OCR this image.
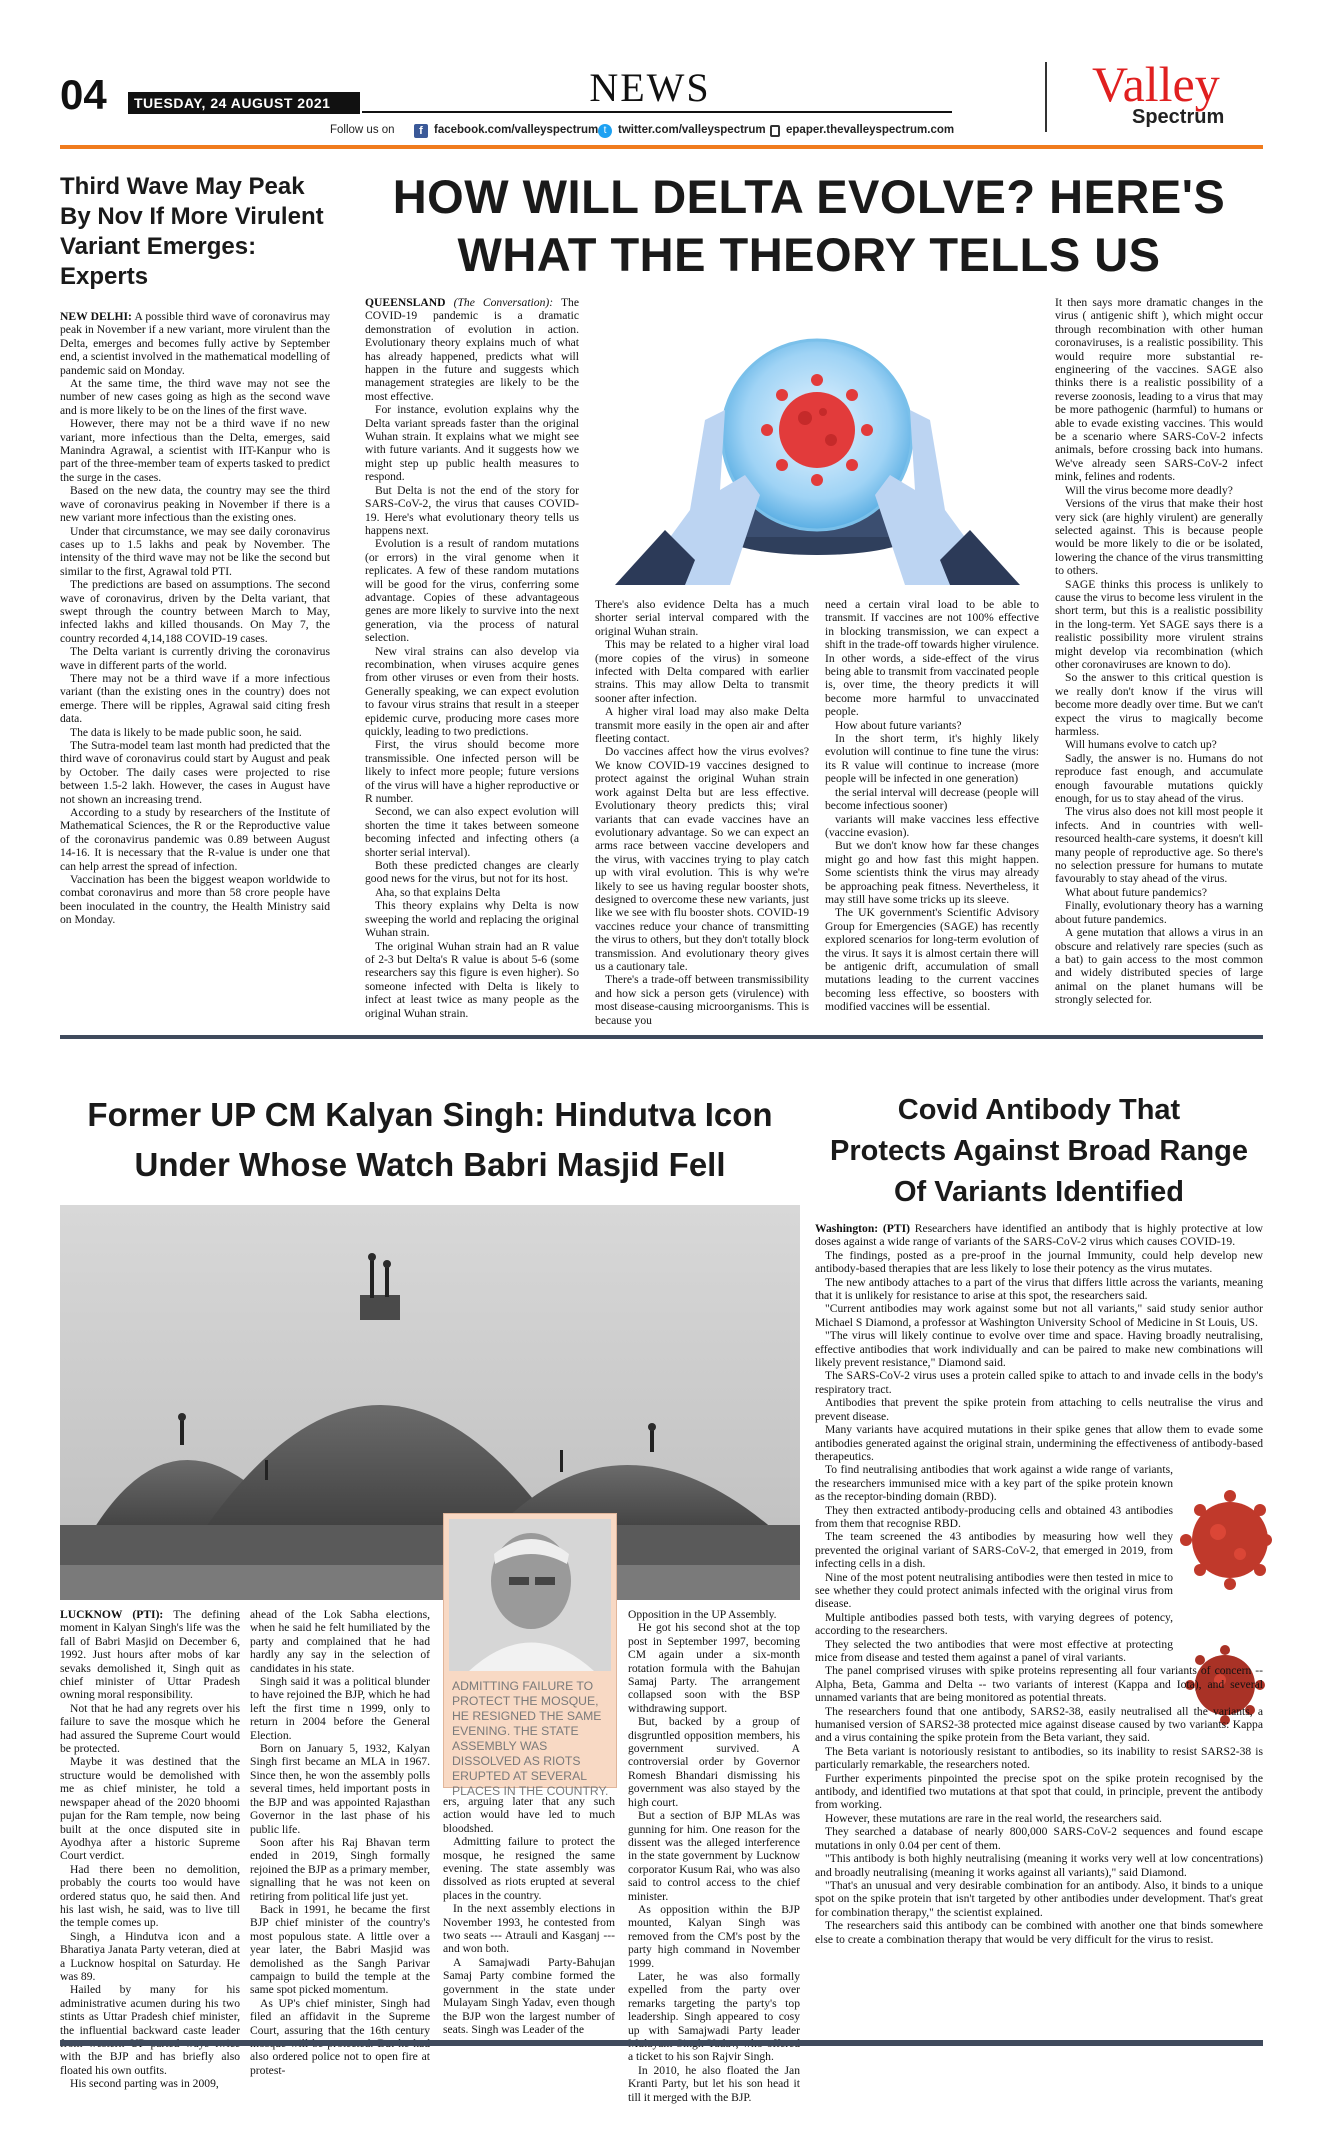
04 TUESDAY, 24 AUGUST 2021	NEWS	Valley
Spectrum
Follow us on	f facebook.com/valleyspectrum t	twitter.com/valleyspectrum epaper.thevalleyspectrum.com
Third Wave May Peak By Nov If More Virulent Variant Emerges: Experts

NEW DELHI: A possible third wave of coronavirus may peak in November if a new variant, more virulent than the Delta, emerges and becomes fully active by September end, a scientist involved in the mathematical modelling of pandemic said on Monday.

At the same time, the third wave may not see the number of new cases going as high as the second wave and is more likely to be on the lines of the first wave.

However, there may not be a third wave if no new variant, more infectious than the Delta, emerges, said Manindra Agrawal, a scientist with IIT-Kanpur who is part of the three-member team of experts tasked to predict the surge in the cases.

Based on the new data, the country may see the third wave of coronavirus peaking in November if there is a new variant more infectious than the existing ones.

Under that circumstance, we may see daily coronavirus cases up to 1.5 lakhs and peak by November. The intensity of the third wave may not be like the second but similar to the first, Agrawal told PTI.

The predictions are based on assumptions. The second wave of coronavirus, driven by the Delta variant, that swept through the country between March to May, infected lakhs and killed thousands. On May 7, the country recorded 4,14,188 COVID-19 cases.

The Delta variant is currently driving the coronavirus wave in different parts of the world.

There may not be a third wave if a more infectious variant (than the existing ones in the country) does not emerge. There will be ripples, Agrawal said citing fresh data.

The data is likely to be made public soon, he said.

The Sutra-model team last month had predicted that the third wave of coronavirus could start by August and peak by October. The daily cases were projected to rise between 1.5-2 lakh. However, the cases in August have not shown an increasing trend.

According to a study by researchers of the Institute of Mathematical Sciences, the R or the Reproductive value of the coronavirus pandemic was 0.89 between August 14-16. It is necessary that the R-value is under one that can help arrest the spread of infection.

Vaccination has been the biggest weapon worldwide to combat coronavirus and more than 58 crore people have been inoculated in the country, the Health Ministry said on Monday.

HOW WILL DELTA EVOLVE? HERE'S
WHAT THE THEORY TELLS US

QUEENSLAND (The Conversation): The COVID-19 pandemic is a dramatic demonstration of evolution in action. Evolutionary theory explains much of what has already happened, predicts what will happen in the future and suggests which management strategies are likely to be the most effective.

For instance, evolution explains why the Delta variant spreads faster than the original Wuhan strain. It explains what we might see with future variants. And it suggests how we might step up public health measures to respond.

But Delta is not the end of the story for SARS-CoV-2, the virus that causes COVID-19. Here's what evolutionary theory tells us happens next.

Evolution is a result of random mutations (or errors) in the viral genome when it replicates. A few of these random mutations will be good for the virus, conferring some advantage. Copies of these advantageous genes are more likely to survive into the next generation, via the process of natural selection.

New viral strains can also develop via recombination, when viruses acquire genes from other viruses or even from their hosts. Generally speaking, we can expect evolution to favour virus strains that result in a steeper epidemic curve, producing more cases more quickly, leading to two predictions.

First, the virus should become more transmissible. One infected person will be likely to infect more people; future versions of the virus will have a higher reproductive or R number.

Second, we can also expect evolution will shorten the time it takes between someone becoming infected and infecting others (a shorter serial interval).

Both these predicted changes are clearly good news for the virus, but not for its host.

Aha, so that explains Delta

This theory explains why Delta is now sweeping the world and replacing the original Wuhan strain.

The original Wuhan strain had an R value of 2-3 but Delta's R value is about 5-6 (some researchers say this figure is even higher). So someone infected with Delta is likely to infect at least twice as many people as the original Wuhan strain.

There's also evidence Delta has a much shorter serial interval compared with the original Wuhan strain.

This may be related to a higher viral load (more copies of the virus) in someone infected with Delta compared with earlier strains. This may allow Delta to transmit sooner after infection.

A higher viral load may also make Delta transmit more easily in the open air and after fleeting contact.

Do vaccines affect how the virus evolves? We know COVID-19 vaccines designed to protect against the original Wuhan strain work against Delta but are less effective. Evolutionary theory predicts this; viral variants that can evade vaccines have an evolutionary advantage. So we can expect an arms race between vaccine developers and the virus, with vaccines trying to play catch up with viral evolution. This is why we're likely to see us having regular booster shots, designed to overcome these new variants, just like we see with flu booster shots. COVID-19 vaccines reduce your chance of transmitting the virus to others, but they don't totally block transmission. And evolutionary theory gives us a cautionary tale.

There's a trade-off between transmissibility and how sick a person gets (virulence) with most disease-causing microorganisms. This is because you

need a certain viral load to be able to transmit. If vaccines are not 100% effective in blocking transmission, we can expect a shift in the trade-off towards higher virulence. In other words, a side-effect of the virus being able to transmit from vaccinated people is, over time, the theory predicts it will become more harmful to unvaccinated people.

How about future variants?

In the short term, it's highly likely evolution will continue to fine tune the virus: its R value will continue to increase (more people will be infected in one generation)

the serial interval will decrease (people will become infectious sooner)

variants will make vaccines less effective (vaccine evasion).

But we don't know how far these changes might go and how fast this might happen. Some scientists think the virus may already be approaching peak fitness. Nevertheless, it may still have some tricks up its sleeve.

The UK government's Scientific Advisory Group for Emergencies (SAGE) has recently explored scenarios for long-term evolution of the virus. It says it is almost certain there will be antigenic drift, accumulation of small mutations leading to the current vaccines becoming less effective, so boosters with modified vaccines will be essential.

It then says more dramatic changes in the virus ( antigenic shift ), which might occur through recombination with other human coronaviruses, is a realistic possibility. This would require more substantial re-engineering of the vaccines. SAGE also thinks there is a realistic possibility of a reverse zoonosis, leading to a virus that may be more pathogenic (harmful) to humans or able to evade existing vaccines. This would be a scenario where SARS-CoV-2 infects animals, before crossing back into humans. We've already seen SARS-CoV-2 infect mink, felines and rodents.

Will the virus become more deadly?

Versions of the virus that make their host very sick (are highly virulent) are generally selected against. This is because people would be more likely to die or be isolated, lowering the chance of the virus transmitting to others.

SAGE thinks this process is unlikely to cause the virus to become less virulent in the short term, but this is a realistic possibility in the long-term. Yet SAGE says there is a realistic possibility more virulent strains might develop via recombination (which other coronaviruses are known to do).

So the answer to this critical question is we really don't know if the virus will become more deadly over time. But we can't expect the virus to magically become harmless.

Will humans evolve to catch up?

Sadly, the answer is no. Humans do not reproduce fast enough, and accumulate enough favourable mutations quickly enough, for us to stay ahead of the virus.

The virus also does not kill most people it infects. And in countries with well-resourced health-care systems, it doesn't kill many people of reproductive age. So there's no selection pressure for humans to mutate favourably to stay ahead of the virus.

What about future pandemics?

Finally, evolutionary theory has a warning about future pandemics.

A gene mutation that allows a virus in an obscure and relatively rare species (such as a bat) to gain access to the most common and widely distributed species of large animal on the planet humans will be strongly selected for.

Former UP CM Kalyan Singh: Hindutva Icon
Under Whose Watch Babri Masjid Fell
ADMITTING FAILURE TO PROTECT THE MOSQUE, HE RESIGNED THE SAME EVENING. THE STATE ASSEMBLY WAS DISSOLVED AS RIOTS ERUPTED AT SEVERAL PLACES IN THE COUNTRY.

LUCKNOW (PTI): The defining moment in Kalyan Singh's life was the fall of Babri Masjid on December 6, 1992. Just hours after mobs of kar sevaks demolished it, Singh quit as chief minister of Uttar Pradesh owning moral responsibility.

Not that he had any regrets over his failure to save the mosque which he had assured the Supreme Court would be protected.

Maybe it was destined that the structure would be demolished with me as chief minister, he told a newspaper ahead of the 2020 bhoomi pujan for the Ram temple, now being built at the once disputed site in Ayodhya after a historic Supreme Court verdict.

Had there been no demolition, probably the courts too would have ordered status quo, he said then. And his last wish, he said, was to live till the temple comes up.

Singh, a Hindutva icon and a Bharatiya Janata Party veteran, died at a Lucknow hospital on Saturday. He was 89.

Hailed by many for his administrative acumen during his two stints as Uttar Pradesh chief minister, the influential backward caste leader with the BJP and has briefly also floated his own outfits.

His second parting was in 2009,

ahead of the Lok Sabha elections, when he said he felt humiliated by the party and complained that he had hardly any say in the selection of candidates in his state.

Singh said it was a political blunder to have rejoined the BJP, which he had left the first time n 1999, only to return in 2004 before the General Election.

Born on January 5, 1932, Kalyan Singh first became an MLA in 1967. Since then, he won the assembly polls several times, held important posts in the BJP and was appointed Rajasthan Governor in the last phase of his public life.

Soon after his Raj Bhavan term ended in 2019, Singh formally rejoined the BJP as a primary member, signalling that he was not keen on retiring from political life just yet.

Back in 1991, he became the first BJP chief minister of the country's most populous state. A little over a year later, the Babri Masjid was demolished as the Sangh Parivar campaign to build the temple at the same spot picked momentum.

As UP's chief minister, Singh had filed an affidavit in the Supreme Court, assuring that the 16th century also ordered police not to open fire at protest-

ers, arguing later that any such action would have led to much bloodshed.

Admitting failure to protect the mosque, he resigned the same evening. The state assembly was dissolved as riots erupted at several places in the country.

In the next assembly elections in November 1993, he contested from two seats --- Atrauli and Kasganj --- and won both.

A Samajwadi Party-Bahujan Samaj Party combine formed the government in the state under Mulayam Singh Yadav, even though the BJP won the largest number of seats. Singh was Leader of the

Opposition in the UP Assembly.

He got his second shot at the top post in September 1997, becoming CM again under a six-month rotation formula with the Bahujan Samaj Party. The arrangement collapsed soon with the BSP withdrawing support.

But, backed by a group of disgruntled opposition members, his government survived. A controversial order by Governor Romesh Bhandari dismissing his government was also stayed by the high court.

But a section of BJP MLAs was gunning for him. One reason for the dissent was the alleged interference in the state government by Lucknow corporator Kusum Rai, who was also said to control access to the chief minister.

As opposition within the BJP mounted, Kalyan Singh was removed from the CM's post by the party high command in November 1999.

Later, he was also formally expelled from the party over remarks targeting the party's top leadership. Singh appeared to cosy up with Samajwadi Party leader a ticket to his son Rajvir Singh.

In 2010, he also floated the Jan Kranti Party, but let his son head it till it merged with the BJP.

Covid Antibody That
Protects Against Broad Range
Of Variants Identified

Washington: (PTI) Researchers have identified an antibody that is highly protective at low doses against a wide range of variants of the SARS-CoV-2 virus which causes COVID-19.

The findings, posted as a pre-proof in the journal Immunity, could help develop new antibody-based therapies that are less likely to lose their potency as the virus mutates.

The new antibody attaches to a part of the virus that differs little across the variants, meaning that it is unlikely for resistance to arise at this spot, the researchers said.

"Current antibodies may work against some but not all variants," said study senior author Michael S Diamond, a professor at Washington University School of Medicine in St Louis, US.

"The virus will likely continue to evolve over time and space. Having broadly neutralising, effective antibodies that work individually and can be paired to make new combinations will likely prevent resistance," Diamond said.

The SARS-CoV-2 virus uses a protein called spike to attach to and invade cells in the body's respiratory tract.

Antibodies that prevent the spike protein from attaching to cells neutralise the virus and prevent disease.

Many variants have acquired mutations in their spike genes that allow them to evade some antibodies generated against the original strain, undermining the effectiveness of antibody-based therapeutics.

To find neutralising antibodies that work against a wide range of variants, the researchers immunised mice with a key part of the spike protein known as the receptor-binding domain (RBD).

They then extracted antibody-producing cells and obtained 43 antibodies from them that recognise RBD.

The team screened the 43 antibodies by measuring how well they prevented the original variant of SARS-CoV-2, that emerged in 2019, from infecting cells in a dish.

Nine of the most potent neutralising antibodies were then tested in mice to see whether they could protect animals infected with the original virus from disease.

Multiple antibodies passed both tests, with varying degrees of potency, according to the researchers.

They selected the two antibodies that were most effective at protecting mice from disease and tested them against a panel of viral variants.

The panel comprised viruses with spike proteins representing all four variants of concern -- Alpha, Beta, Gamma and Delta -- two variants of interest (Kappa and Iota), and several unnamed variants that are being monitored as potential threats.

The researchers found that one antibody, SARS2-38, easily neutralised all the variants, a humanised version of SARS2-38 protected mice against disease caused by two variants: Kappa and a virus containing the spike protein from the Beta variant, they said.

The Beta variant is notoriously resistant to antibodies, so its inability to resist SARS2-38 is particularly remarkable, the researchers noted.

Further experiments pinpointed the precise spot on the spike protein recognised by the antibody, and identified two mutations at that spot that could, in principle, prevent the antibody from working.

However, these mutations are rare in the real world, the researchers said.

They searched a database of nearly 800,000 SARS-CoV-2 sequences and found escape mutations in only 0.04 per cent of them.

"This antibody is both highly neutralising (meaning it works very well at low concentrations) and broadly neutralising (meaning it works against all variants)," said Diamond.

"That's an unusual and very desirable combination for an antibody. Also, it binds to a unique spot on the spike protein that isn't targeted by other antibodies under development. That's great for combination therapy," the scientist explained.

The researchers said this antibody can be combined with another one that binds somewhere else to create a combination therapy that would be very difficult for the virus to resist.
